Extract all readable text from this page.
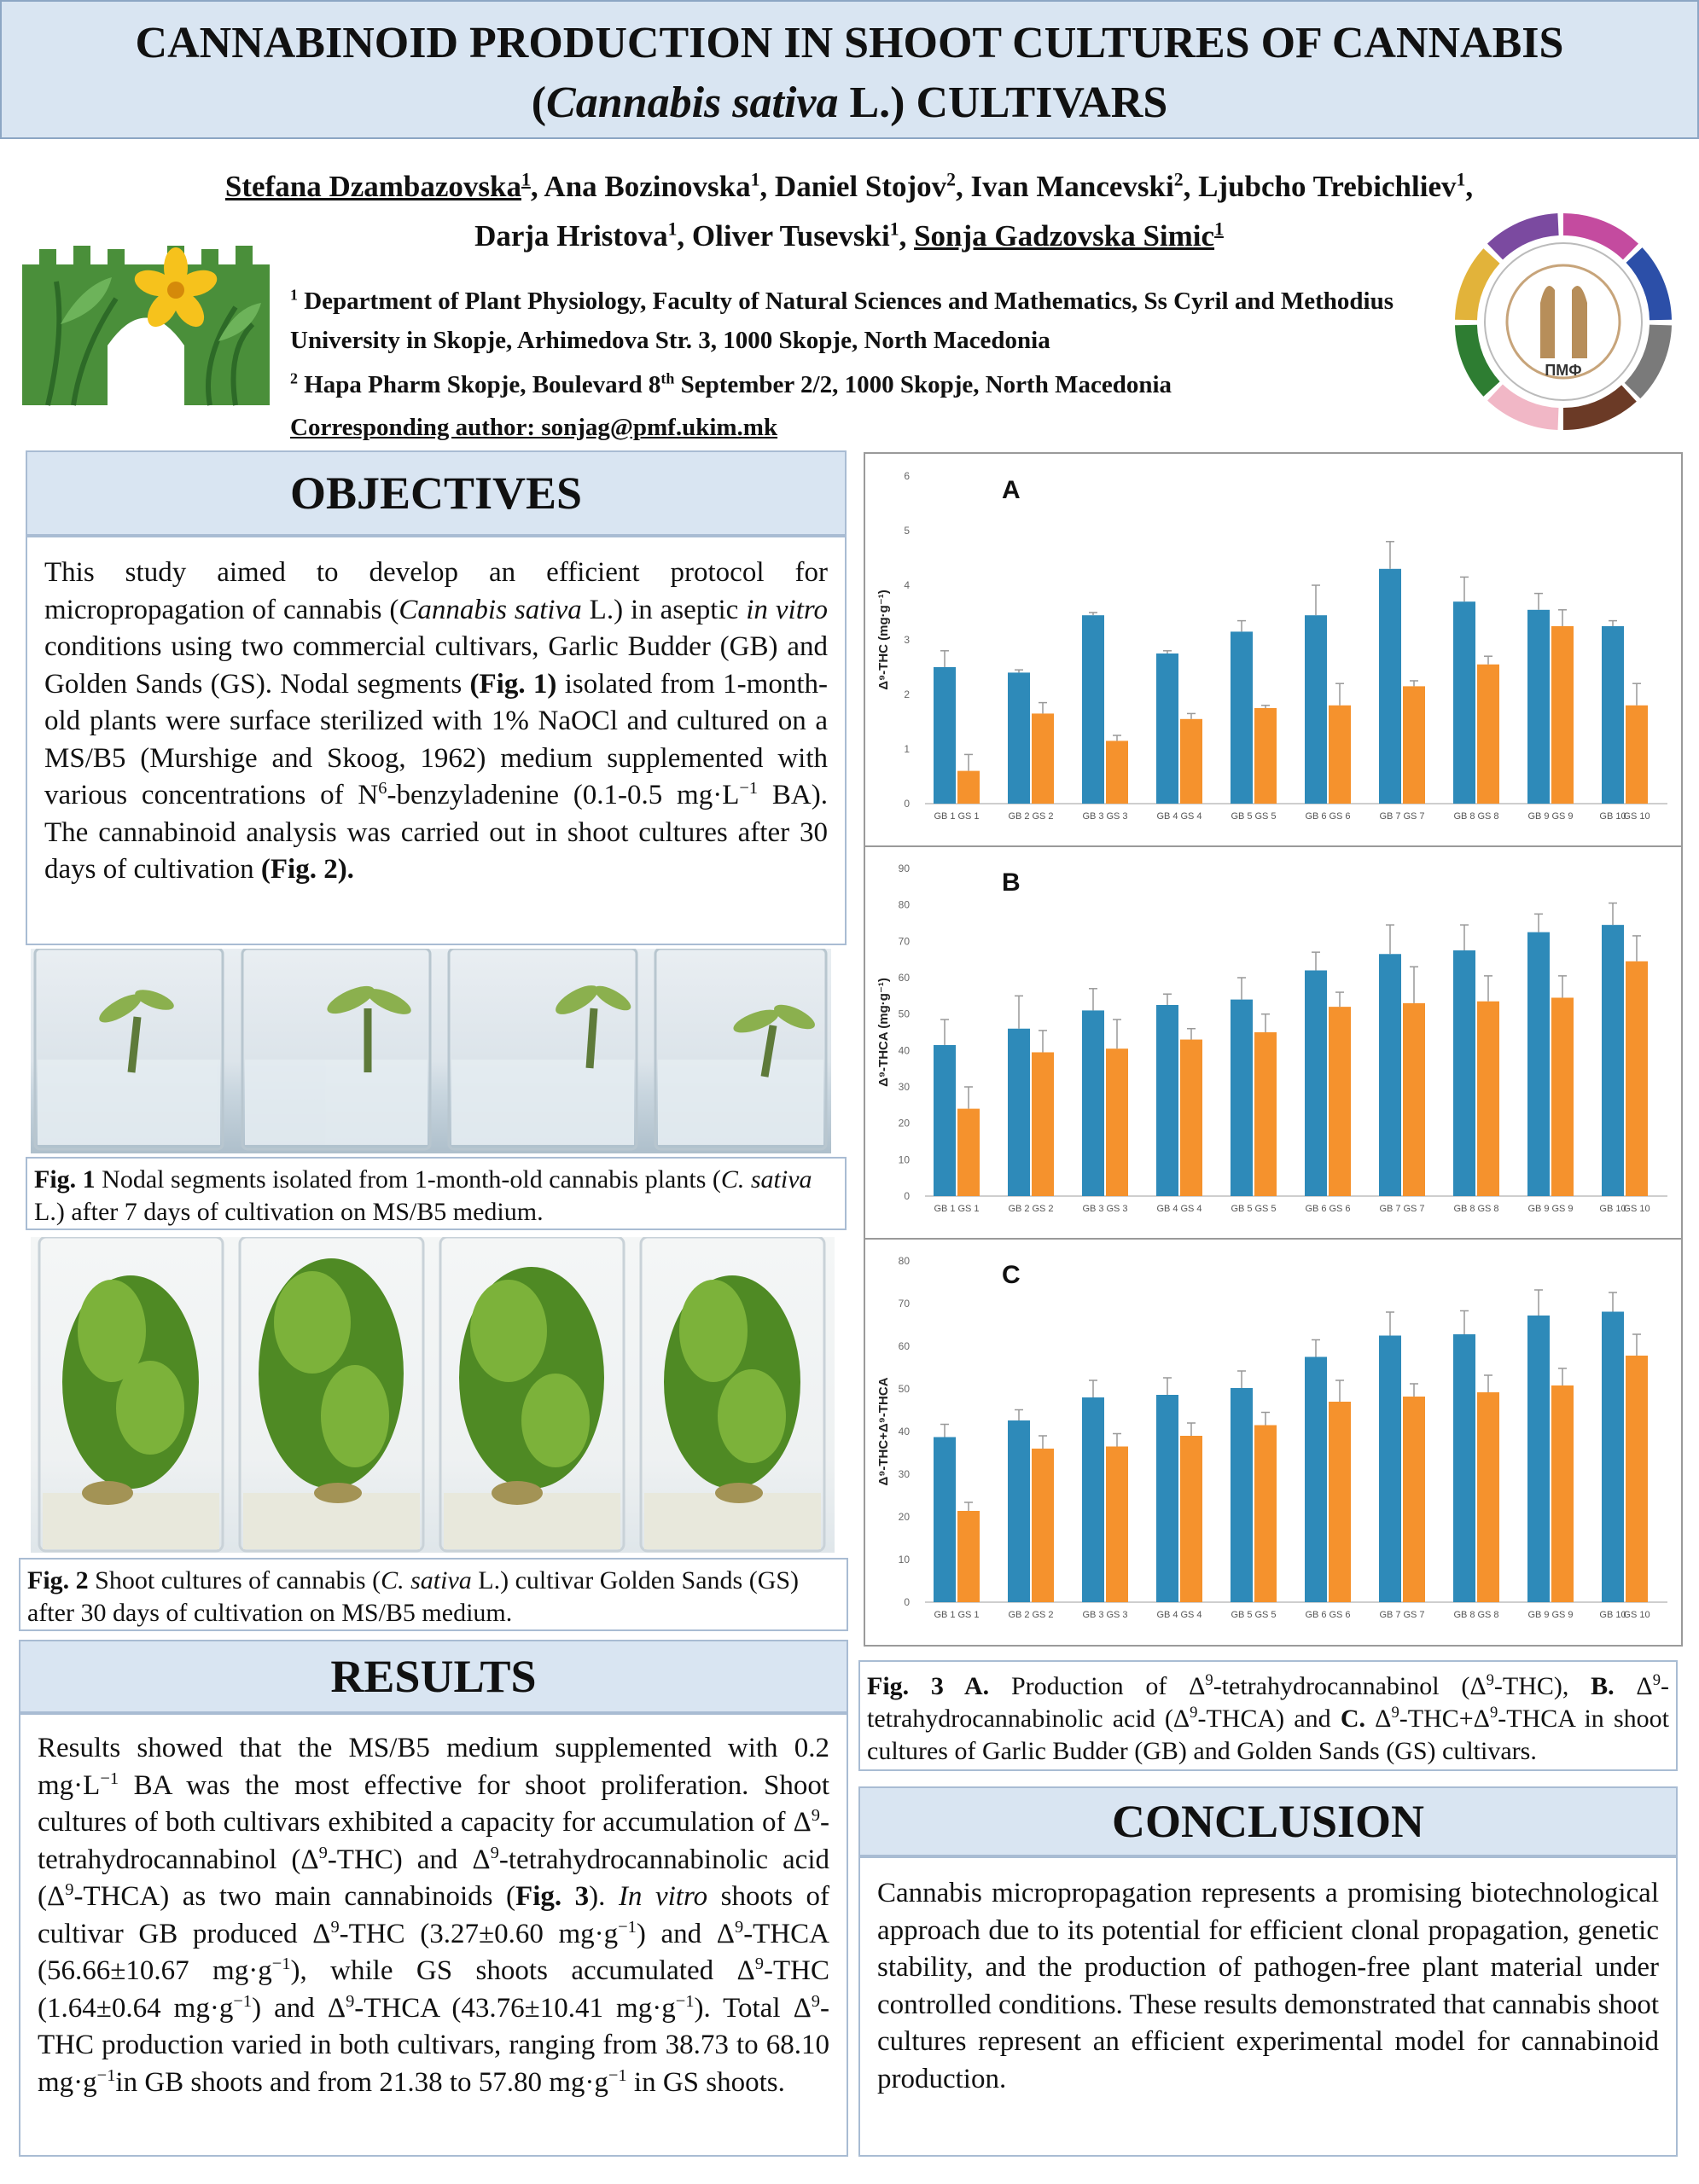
CANNABINOID PRODUCTION IN SHOOT CULTURES OF CANNABIS
(Cannabis sativa L.) CULTIVARS
Stefana Dzambazovska$^1$, Ana Bozinovska$^1$, Daniel Stojov$^2$, Ivan Mancevski$^2$, Ljubcho Trebichliev$^1$, Darja Hristova$^1$, Oliver Tusevski$^1$, Sonja Gadzovska Simic$^1$
ПМФ
$^1$ Department of Plant Physiology, Faculty of Natural Sciences and Mathematics, Ss Cyril and Methodius University in Skopje, Arhimedova Str. 3, 1000 Skopje, North Macedonia
$^2$ Hapa Pharm Skopje, Boulevard 8th September 2/2, 1000 Skopje, North Macedonia
Corresponding author: sonjag@pmf.ukim.mk
OBJECTIVES
This study aimed to develop an efficient protocol for micropropagation of cannabis (Cannabis sativa L.) in aseptic in vitro conditions using two commercial cultivars, Garlic Budder (GB) and Golden Sands (GS). Nodal segments (Fig. 1) isolated from 1-month-old plants were surface sterilized with 1% NaOCl and cultured on a MS/B5 (Murshige and Skoog, 1962) medium supplemented with various concentrations of $N^6$-benzyladenine (0.1-0.5 $mg\cdot L^{-1}$ BA). The cannabinoid analysis was carried out in shoot cultures after 30 days of cultivation (Fig. 2).
Fig. 1 Nodal segments isolated from 1-month-old cannabis plants (C. sativa L.) after 7 days of cultivation on MS/B5 medium.
Fig. 2 Shoot cultures of cannabis (C. sativa L.) cultivar Golden Sands (GS) after 30 days of cultivation on MS/B5 medium.
RESULTS
Results showed that the MS/B5 medium supplemented with 0.2 $mg\cdot L^{-1}$ BA was the most effective for shoot proliferation. Shoot cultures of both cultivars exhibited a capacity for accumulation of $\Delta^9$-tetrahydrocannabinol $(\Delta^9-THC)$ and $\Delta^9$-tetrahydrocannabinolic acid $(\Delta^9-THCA)$ as two main cannabinoids (Fig. 3). In vitro shoots of cultivar GB produced $\Delta^9$-THC (3.27±0.60 $mg\cdot g^{-1}$) and $\Delta^9$-THCA (56.66±10.67 $mg\cdot g^{-1}$), while GS shoots accumulated $\Delta^9$-THC (1.64±0.64 $mg\cdot g^{-1}$) and $\Delta^9$-THCA (43.76±10.41 $mg\cdot g^{-1}$). Total $\Delta^9$-THC production varied in both cultivars, ranging from 38.73 to 68.10 $mg\cdot g^{-1}in$ GB shoots and from 21.38 to 57.80 $mg\cdot g^{-1}$ in GS shoots.
0
1
2
3
4
5
6
Δ⁹-THC (mg·g⁻¹)
A
GB 1 GS 1	GB 2 GS 2	GB 3 GS 3	GB 4 GS 4	GB 5 GS 5	GB 6 GS 6	GB 7 GS 7	GB 8 GS 8	GB 9 GS 9	GB 10
GS 10
0
10
20
30
40
50
60
70
80
90
Δ⁹-THCA (mg·g⁻¹)
B
GB 1 GS 1	GB 2 GS 2	GB 3 GS 3	GB 4 GS 4	GB 5 GS 5	GB 6 GS 6	GB 7 GS 7	GB 8 GS 8	GB 9 GS 9	GB 10
GS 10
0
10
20
30
40
50
60
70
80
Δ⁹-THC+Δ⁹-THCA
C
GB 1 GS 1	GB 2 GS 2	GB 3 GS 3	GB 4 GS 4	GB 5 GS 5	GB 6 GS 6	GB 7 GS 7	GB 8 GS 8	GB 9 GS 9	GB 10
GS 10
Fig. 3 A. Production of $\Delta^9$-tetrahydrocannabinol $(\Delta^9-THC)$, B. $\Delta^9$-tetrahydrocannabinolic acid $(\Delta^9-THCA)$ and C. $\Delta^9-THC+\Delta^9$-THCA in shoot cultures of Garlic Budder (GB) and Golden Sands (GS) cultivars.
CONCLUSION
Cannabis micropropagation represents a promising biotechnological approach due to its potential for efficient clonal propagation, genetic stability, and the production of pathogen-free plant material under controlled conditions. These results demonstrated that cannabis shoot cultures represent an efficient experimental model for cannabinoid production.
